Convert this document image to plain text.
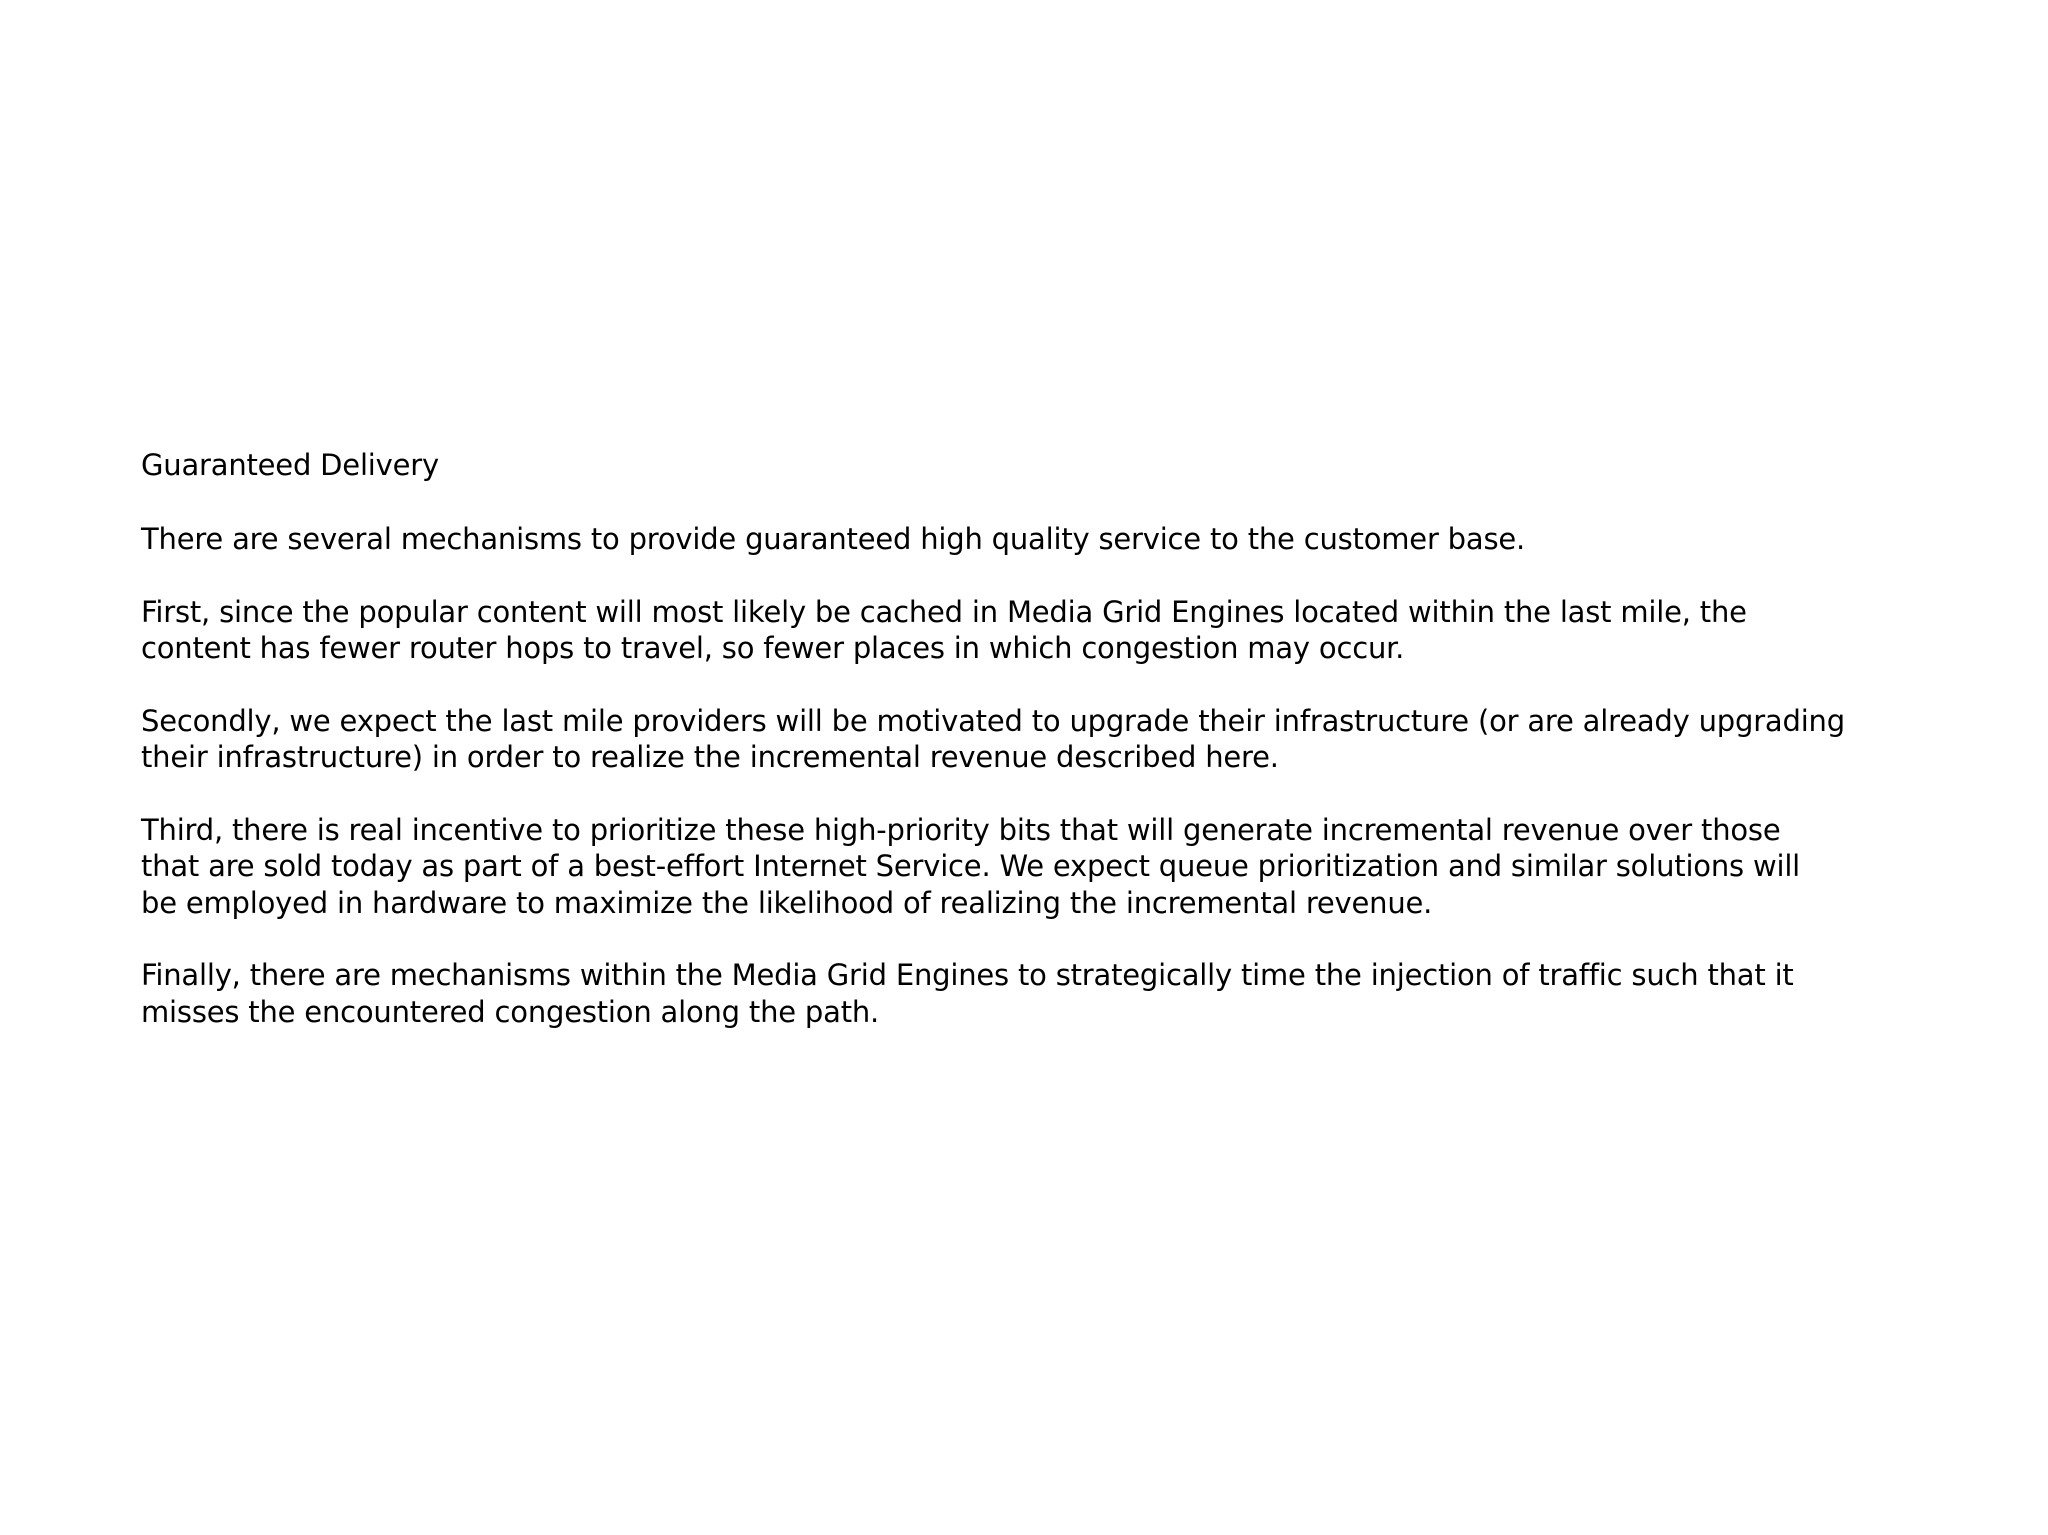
Guaranteed Delivery

There are several mechanisms to provide guaranteed high quality service to the customer base.

First, since the popular content will most likely be cached in Media Grid Engines located within the last mile, the
content has fewer router hops to travel, so fewer places in which congestion may occur.

Secondly, we expect the last mile providers will be motivated to upgrade their infrastructure (or are already upgrading
their infrastructure) in order to realize the incremental revenue described here.

Third, there is real incentive to prioritize these high-priority bits that will generate incremental revenue over those
that are sold today as part of a best-effort Internet Service. We expect queue prioritization and similar solutions will
be employed in hardware to maximize the likelihood of realizing the incremental revenue.

Finally, there are mechanisms within the Media Grid Engines to strategically time the injection of traffic such that it
misses the encountered congestion along the path.
